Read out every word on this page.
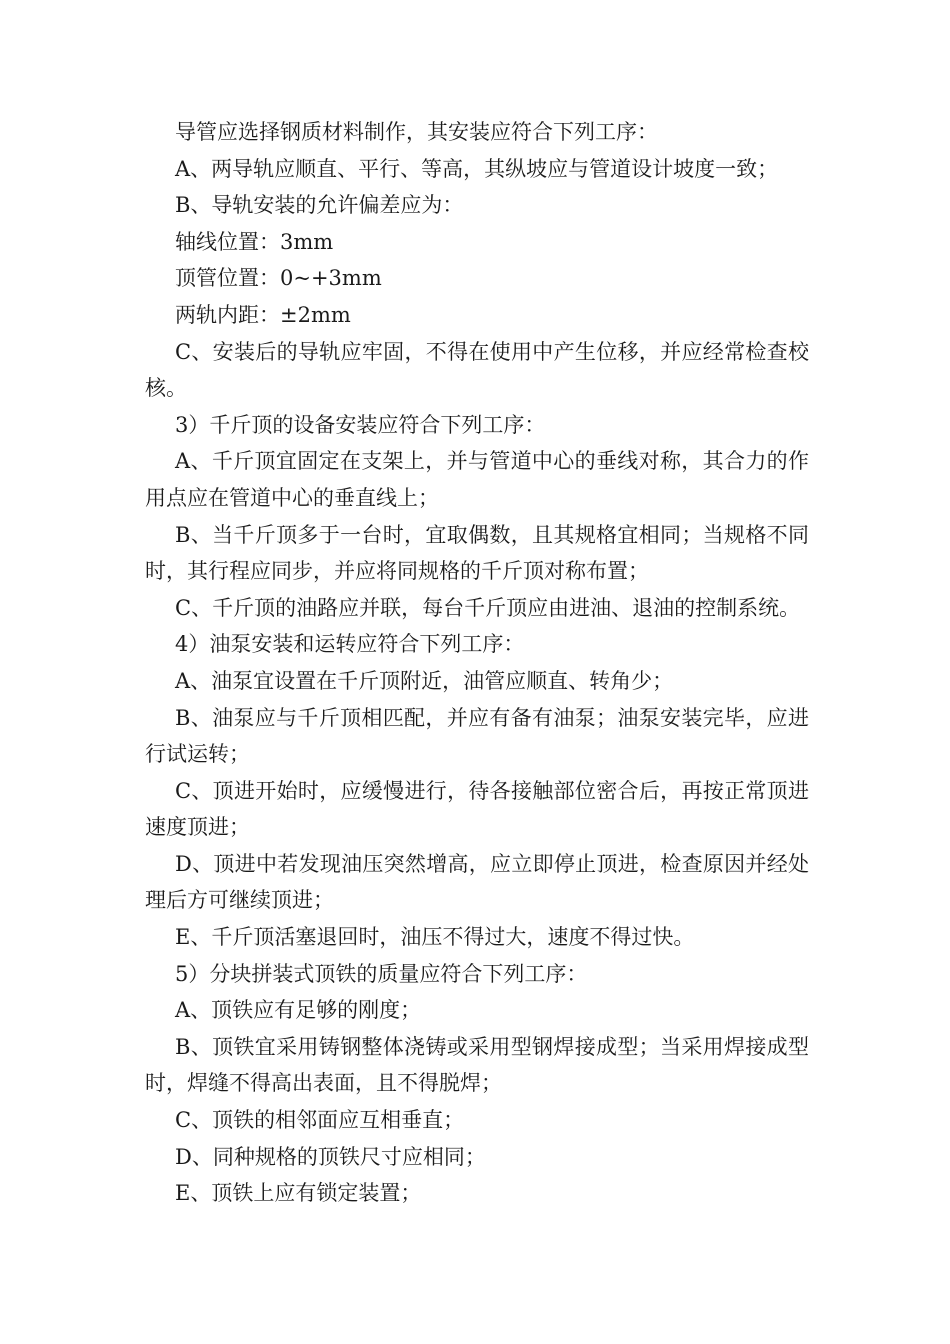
导管应选择钢质材料制作，其安装应符合下列工序：

A、两导轨应顺直、平行、等高，其纵坡应与管道设计坡度一致；

B、导轨安装的允许偏差应为：

轴线位置：3mm

顶管位置：0~+3mm

两轨内距：±2mm

C、安装后的导轨应牢固，不得在使用中产生位移，并应经常检查校核。

3）千斤顶的设备安装应符合下列工序：

A、千斤顶宜固定在支架上，并与管道中心的垂线对称，其合力的作用点应在管道中心的垂直线上；

B、当千斤顶多于一台时，宜取偶数，且其规格宜相同；当规格不同时，其行程应同步，并应将同规格的千斤顶对称布置；

C、千斤顶的油路应并联，每台千斤顶应由进油、退油的控制系统。

4）油泵安装和运转应符合下列工序：

A、油泵宜设置在千斤顶附近，油管应顺直、转角少；

B、油泵应与千斤顶相匹配，并应有备有油泵；油泵安装完毕，应进行试运转；

C、顶进开始时，应缓慢进行，待各接触部位密合后，再按正常顶进速度顶进；

D、顶进中若发现油压突然增高，应立即停止顶进，检查原因并经处理后方可继续顶进；

E、千斤顶活塞退回时，油压不得过大，速度不得过快。

5）分块拼装式顶铁的质量应符合下列工序：

A、顶铁应有足够的刚度；

B、顶铁宜采用铸钢整体浇铸或采用型钢焊接成型；当采用焊接成型时，焊缝不得高出表面，且不得脱焊；

C、顶铁的相邻面应互相垂直；

D、同种规格的顶铁尺寸应相同；

E、顶铁上应有锁定装置；
